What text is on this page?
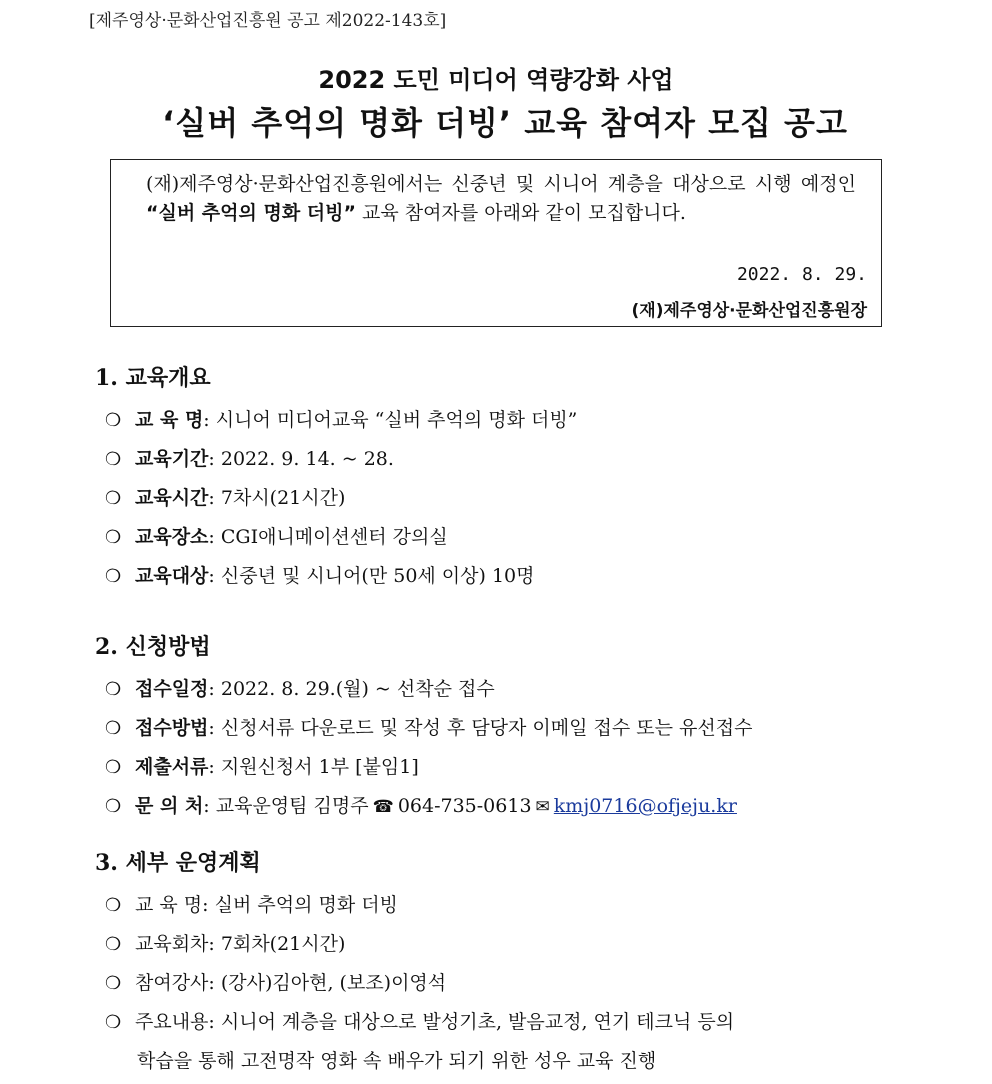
[제주영상·문화산업진흥원 공고 제2022-143호]
2022 도민 미디어 역량강화 사업
‘실버 추억의 명화 더빙’ 교육 참여자 모집 공고
(재)제주영상·문화산업진흥원에서는 신중년 및 시니어 계층을 대상으로 시행 예정인 “실버 추억의 명화 더빙” 교육 참여자를 아래와 같이 모집합니다.
2022. 8. 29.
(재)제주영상·문화산업진흥원장
1. 교육개요
❍ 교 육 명: 시니어 미디어교육 “실버 추억의 명화 더빙”
❍ 교육기간: 2022. 9. 14. ~ 28.
❍ 교육시간: 7차시(21시간)
❍ 교육장소: CGI애니메이션센터 강의실
❍ 교육대상: 신중년 및 시니어(만 50세 이상) 10명
2. 신청방법
❍ 접수일정: 2022. 8. 29.(월) ~ 선착순 접수
❍ 접수방법: 신청서류 다운로드 및 작성 후 담당자 이메일 접수 또는 유선접수
❍ 제출서류: 지원신청서 1부 [붙임1]
❍ 문 의 처: 교육운영팀 김명주 ☎ 064-735-0613 ✉ kmj0716@ofjeju.kr
3. 세부 운영계획
❍ 교 육 명: 실버 추억의 명화 더빙
❍ 교육회차: 7회차(21시간)
❍ 참여강사: (강사)김아현, (보조)이영석
❍ 주요내용: 시니어 계층을 대상으로 발성기초, 발음교정, 연기 테크닉 등의
학습을 통해 고전명작 영화 속 배우가 되기 위한 성우 교육 진행
